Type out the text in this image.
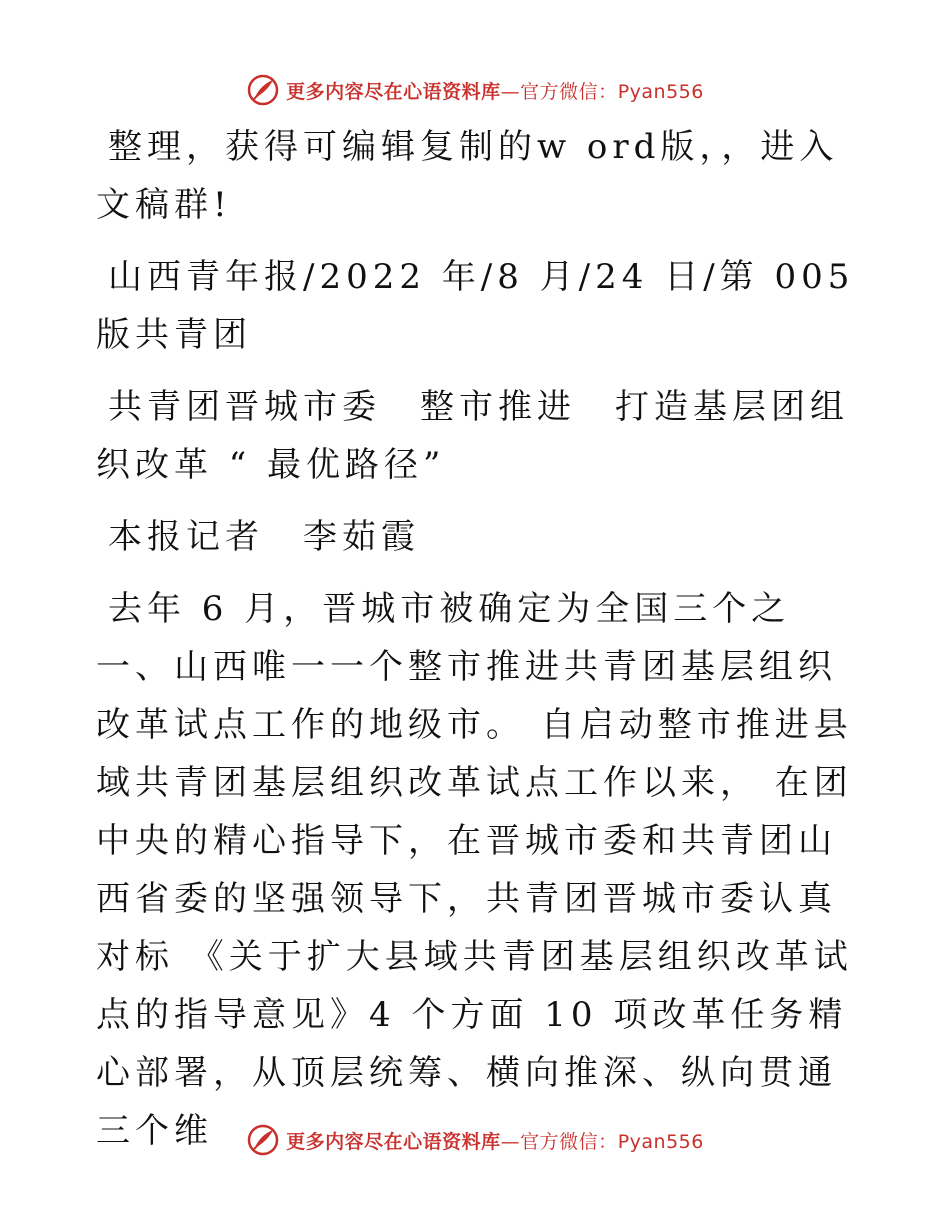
更多内容尽在心语资料库—官方微信：Pyan556

整理，获得可编辑复制的w ord版，，进入文稿群!

山西青年报/2022 年/8 月/24 日/第 005 版共青团

共青团晋城市委　整市推进　打造基层团组织改革 “ 最优路径”

本报记者　李茹霞

去年 6 月，晋城市被确定为全国三个之一、山西唯一一个整市推进共青团基层组织改革试点工作的地级市。 自启动整市推进县域共青团基层组织改革试点工作以来， 在团中央的精心指导下，在晋城市委和共青团山西省委的坚强领导下，共青团晋城市委认真对标 《关于扩大县域共青团基层组织改革试点的指导意见》4 个方面 10 项改革任务精心部署，从顶层统筹、横向推深、纵向贯通三个维	更多内容尽在心语资料库—官方微信：Pyan556
